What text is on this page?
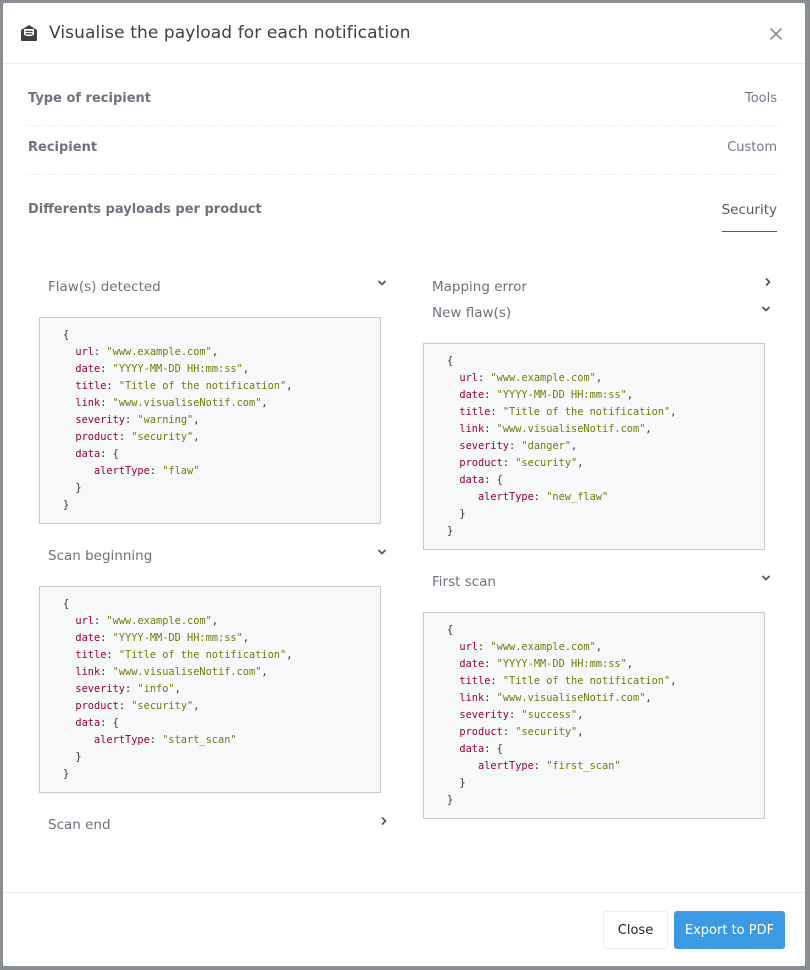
Visualise the payload for each notification
Type of recipient	Tools
Recipient	Custom
Differents payloads per product	Security
Flaw(s) detected
{
url: "www.example.com",
date: "YYYY-MM-DD HH:mm:ss",
title: "Title of the notification",
link: "www.visualiseNotif.com",
severity: "warning",
product: "security",
data: {
alertType: "flaw"
}
}
Scan beginning
{
url: "www.example.com",
date: "YYYY-MM-DD HH:mm:ss",
title: "Title of the notification",
link: "www.visualiseNotif.com",
severity: "info",
product: "security",
data: {
alertType: "start_scan"
}
}
Scan end
Mapping error
New flaw(s)
{
url: "www.example.com",
date: "YYYY-MM-DD HH:mm:ss",
title: "Title of the notification",
link: "www.visualiseNotif.com",
severity: "danger",
product: "security",
data: {
alertType: "new_flaw"
}
}
First scan
{
url: "www.example.com",
date: "YYYY-MM-DD HH:mm:ss",
title: "Title of the notification",
link: "www.visualiseNotif.com",
severity: "success",
product: "security",
data: {
alertType: "first_scan"
}
}
Close	Export to PDF
